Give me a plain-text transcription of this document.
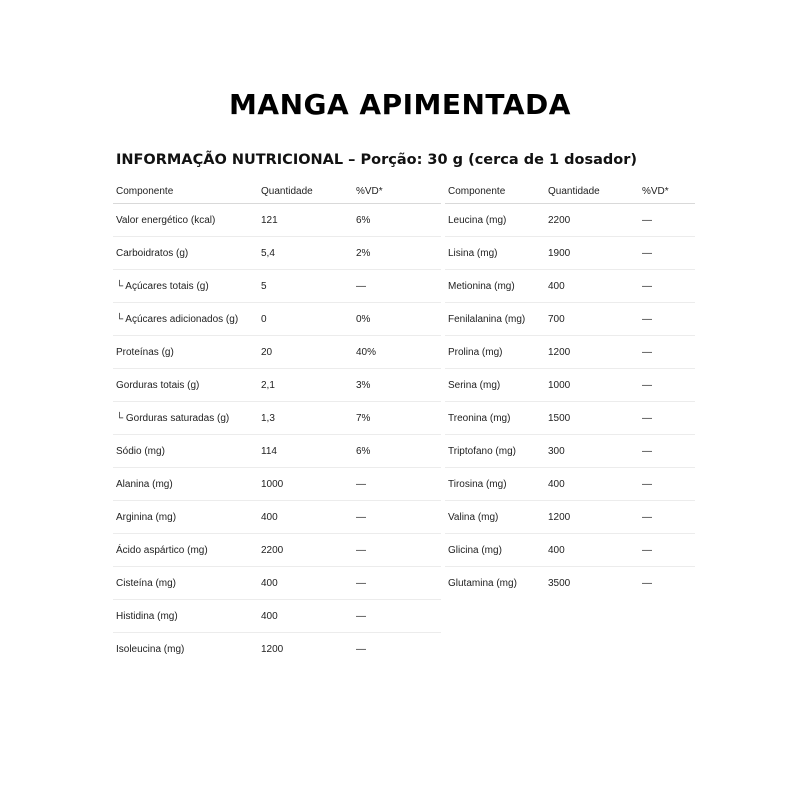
MANGA APIMENTADA
INFORMAÇÃO NUTRICIONAL – Porção: 30 g (cerca de 1 dosador)
Componente	Quantidade	%VD*
Valor energético (kcal)	121	6%
Carboidratos (g)	5,4	2%
└ Açúcares totais (g)	5	—
└ Açúcares adicionados (g)	0	0%
Proteínas (g)	20	40%
Gorduras totais (g)	2,1	3%
└ Gorduras saturadas (g)	1,3	7%
Sódio (mg)	114	6%
Alanina (mg)	1000	—
Arginina (mg)	400	—
Ácido aspártico (mg)	2200	—
Cisteína (mg)	400	—
Histidina (mg)	400	—
Isoleucina (mg)	1200	—
Componente	Quantidade	%VD*
Leucina (mg)	2200	—
Lisina (mg)	1900	—
Metionina (mg)	400	—
Fenilalanina (mg)	700	—
Prolina (mg)	1200	—
Serina (mg)	1000	—
Treonina (mg)	1500	—
Triptofano (mg)	300	—
Tirosina (mg)	400	—
Valina (mg)	1200	—
Glicina (mg)	400	—
Glutamina (mg)	3500	—
